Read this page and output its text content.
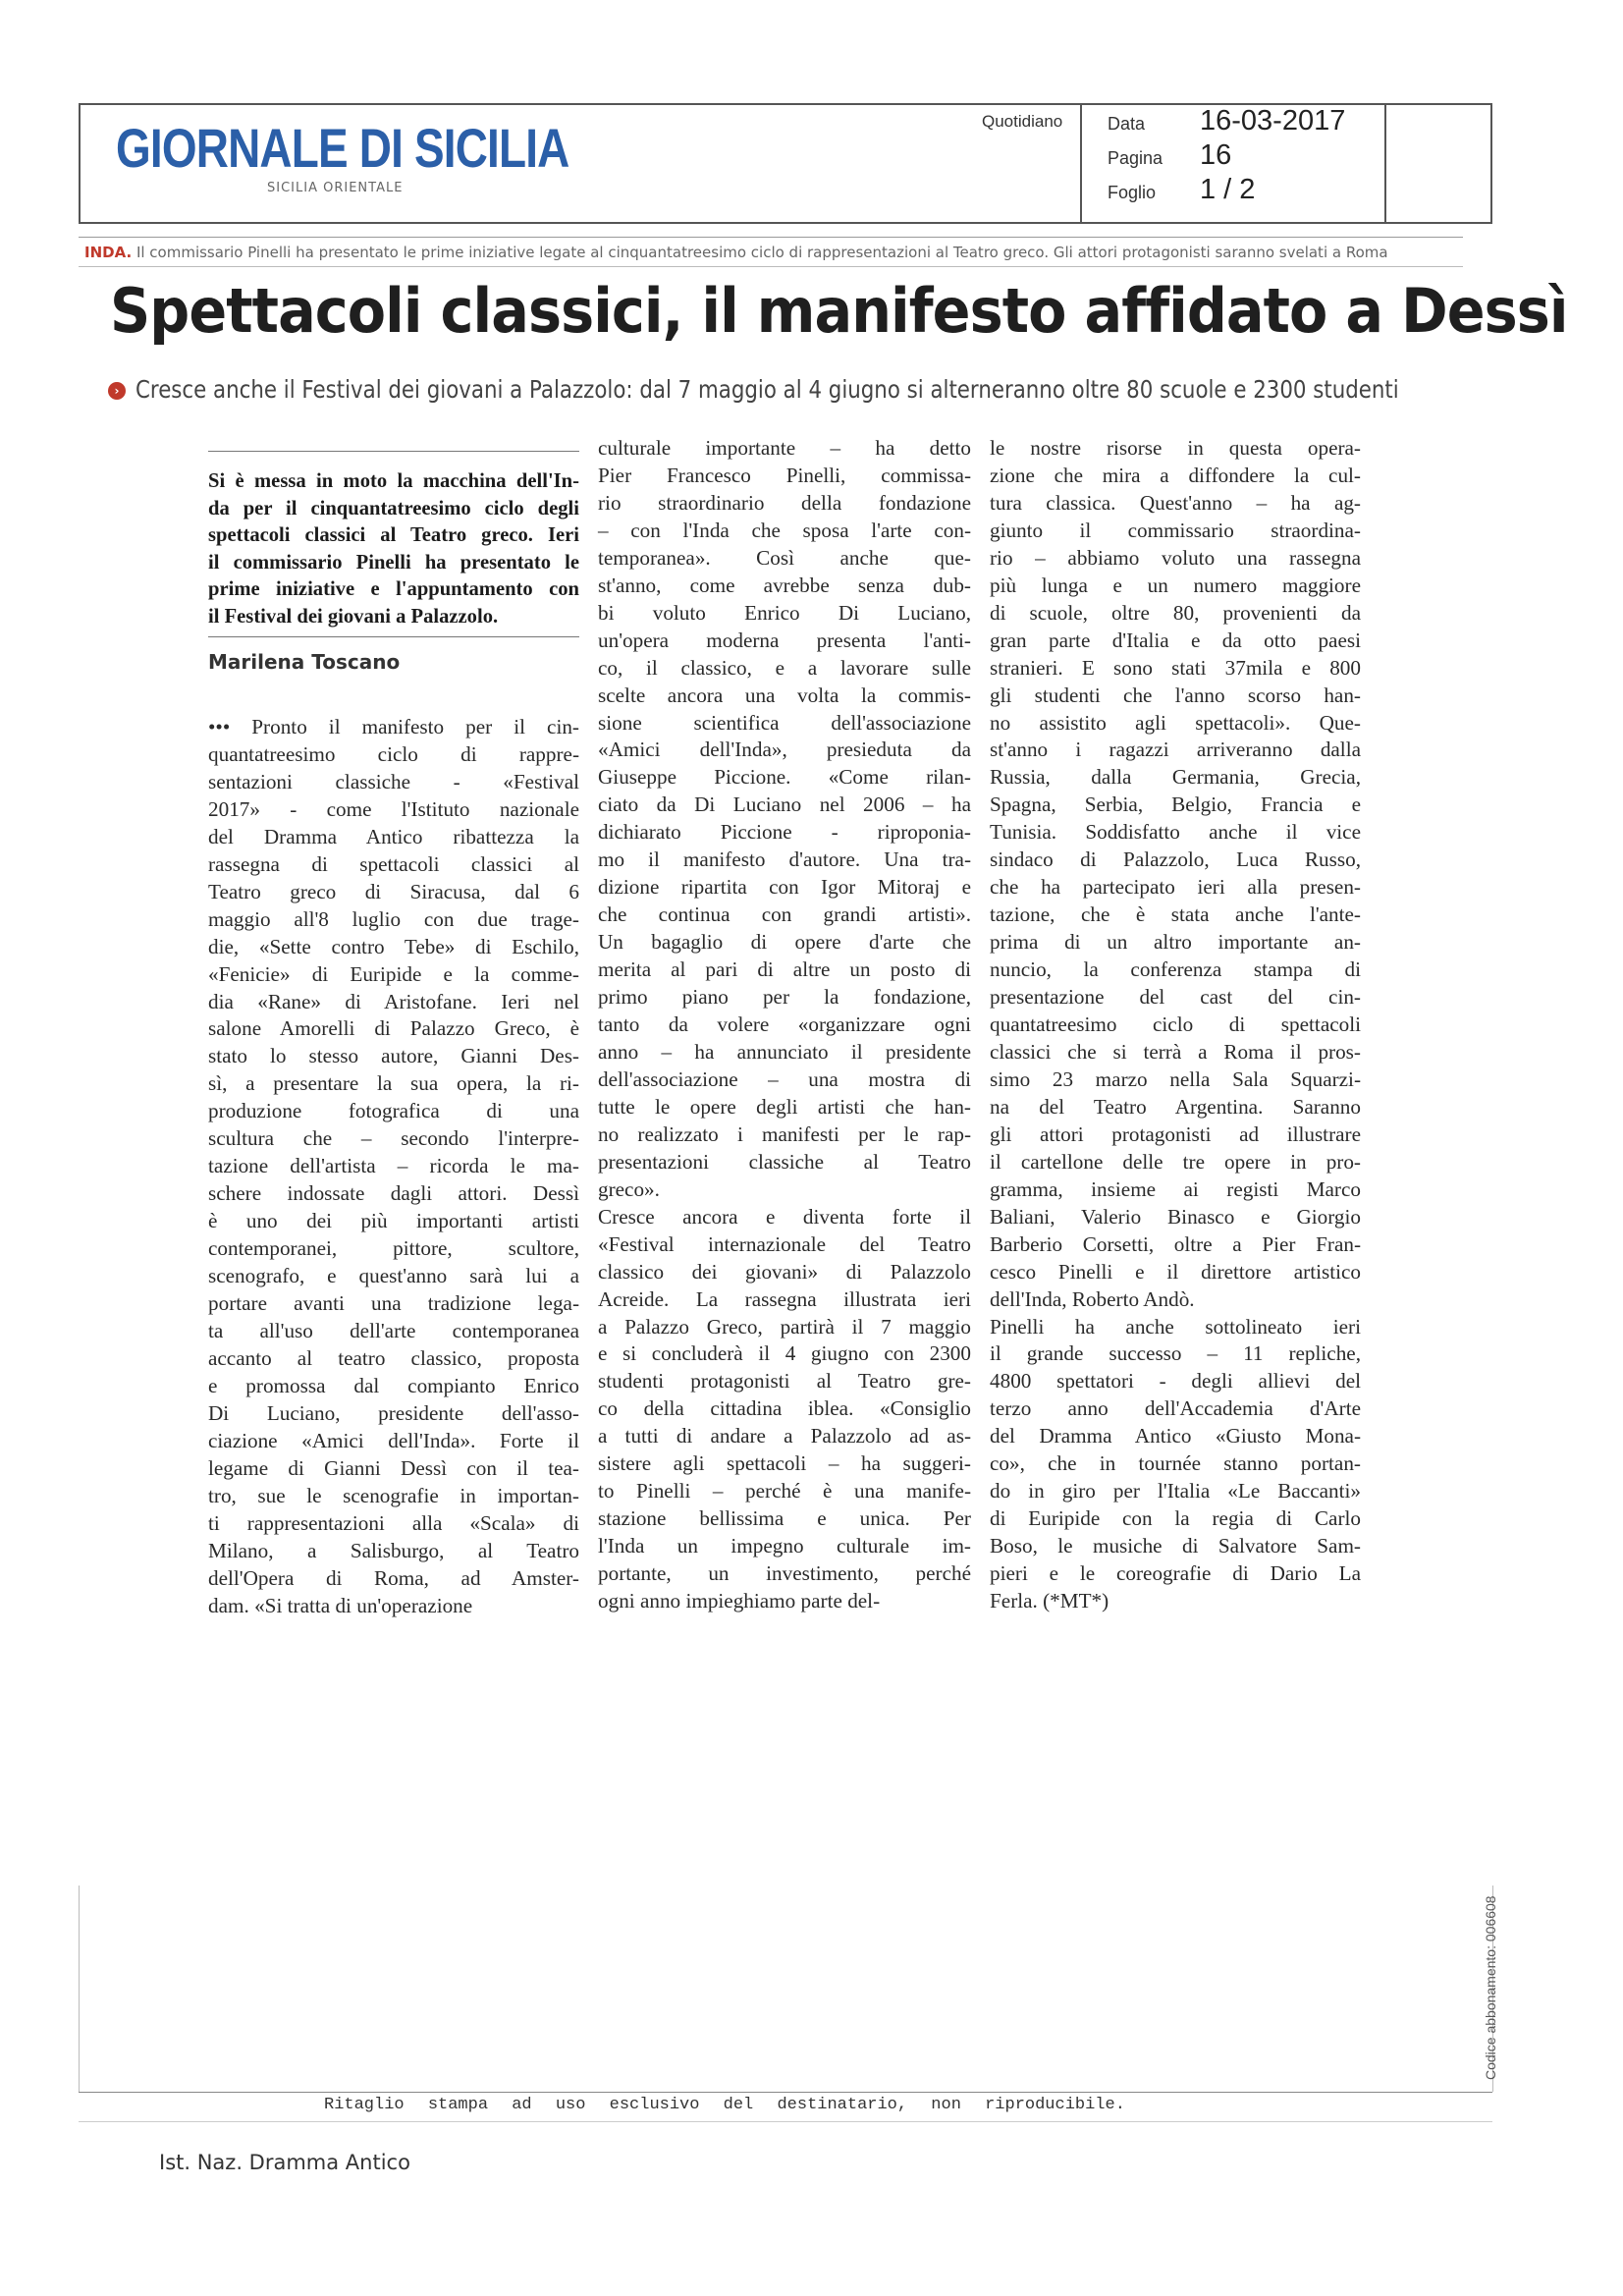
GIORNALE DI SICILIA
SICILIA ORIENTALE
Quotidiano	Data 16-03-2017
Pagina 16
Foglio 1 / 2
INDA. Il commissario Pinelli ha presentato le prime iniziative legate al cinquantatreesimo ciclo di rappresentazioni al Teatro greco. Gli attori protagonisti saranno svelati a Roma
Spettacoli classici, il manifesto affidato a Dessì
› Cresce anche il Festival dei giovani a Palazzolo: dal 7 maggio al 4 giugno si alterneranno oltre 80 scuole e 2300 studenti

Si è messa in moto la macchina dell'In-

da per il cinquantatreesimo ciclo degli

spettacoli classici al Teatro greco. Ieri

il commissario Pinelli ha presentato le

prime iniziative e l'appuntamento con

il Festival dei giovani a Palazzolo.

Marilena Toscano

••• Pronto il manifesto per il cin-

quantatreesimo ciclo di rappre-

sentazioni classiche - «Festival

2017» - come l'Istituto nazionale

del Dramma Antico ribattezza la

rassegna di spettacoli classici al

Teatro greco di Siracusa, dal 6

maggio all'8 luglio con due trage-

die, «Sette contro Tebe» di Eschilo,

«Fenicie» di Euripide e la comme-

dia «Rane» di Aristofane. Ieri nel

salone Amorelli di Palazzo Greco, è

stato lo stesso autore, Gianni Des-

sì, a presentare la sua opera, la ri-

produzione fotografica di una

scultura che – secondo l'interpre-

tazione dell'artista – ricorda le ma-

schere indossate dagli attori. Dessì

è uno dei più importanti artisti

contemporanei, pittore, scultore,

scenografo, e quest'anno sarà lui a

portare avanti una tradizione lega-

ta all'uso dell'arte contemporanea

accanto al teatro classico, proposta

e promossa dal compianto Enrico

Di Luciano, presidente dell'asso-

ciazione «Amici dell'Inda». Forte il

legame di Gianni Dessì con il tea-

tro, sue le scenografie in importan-

ti rappresentazioni alla «Scala» di

Milano, a Salisburgo, al Teatro

dell'Opera di Roma, ad Amster-

dam. «Si tratta di un'operazione

culturale importante – ha detto

Pier Francesco Pinelli, commissa-

rio straordinario della fondazione

– con l'Inda che sposa l'arte con-

temporanea». Così anche que-

st'anno, come avrebbe senza dub-

bi voluto Enrico Di Luciano,

un'opera moderna presenta l'anti-

co, il classico, e a lavorare sulle

scelte ancora una volta la commis-

sione scientifica dell'associazione

«Amici dell'Inda», presieduta da

Giuseppe Piccione. «Come rilan-

ciato da Di Luciano nel 2006 – ha

dichiarato Piccione - riproponia-

mo il manifesto d'autore. Una tra-

dizione ripartita con Igor Mitoraj e

che continua con grandi artisti».

Un bagaglio di opere d'arte che

merita al pari di altre un posto di

primo piano per la fondazione,

tanto da volere «organizzare ogni

anno – ha annunciato il presidente

dell'associazione – una mostra di

tutte le opere degli artisti che han-

no realizzato i manifesti per le rap-

presentazioni classiche al Teatro

greco».

Cresce ancora e diventa forte il

«Festival internazionale del Teatro

classico dei giovani» di Palazzolo

Acreide. La rassegna illustrata ieri

a Palazzo Greco, partirà il 7 maggio

e si concluderà il 4 giugno con 2300

studenti protagonisti al Teatro gre-

co della cittadina iblea. «Consiglio

a tutti di andare a Palazzolo ad as-

sistere agli spettacoli – ha suggeri-

to Pinelli – perché è una manife-

stazione bellissima e unica. Per

l'Inda un impegno culturale im-

portante, un investimento, perché

ogni anno impieghiamo parte del-

le nostre risorse in questa opera-

zione che mira a diffondere la cul-

tura classica. Quest'anno – ha ag-

giunto il commissario straordina-

rio – abbiamo voluto una rassegna

più lunga e un numero maggiore

di scuole, oltre 80, provenienti da

gran parte d'Italia e da otto paesi

stranieri. E sono stati 37mila e 800

gli studenti che l'anno scorso han-

no assistito agli spettacoli». Que-

st'anno i ragazzi arriveranno dalla

Russia, dalla Germania, Grecia,

Spagna, Serbia, Belgio, Francia e

Tunisia. Soddisfatto anche il vice

sindaco di Palazzolo, Luca Russo,

che ha partecipato ieri alla presen-

tazione, che è stata anche l'ante-

prima di un altro importante an-

nuncio, la conferenza stampa di

presentazione del cast del cin-

quantatreesimo ciclo di spettacoli

classici che si terrà a Roma il pros-

simo 23 marzo nella Sala Squarzi-

na del Teatro Argentina. Saranno

gli attori protagonisti ad illustrare

il cartellone delle tre opere in pro-

gramma, insieme ai registi Marco

Baliani, Valerio Binasco e Giorgio

Barberio Corsetti, oltre a Pier Fran-

cesco Pinelli e il direttore artistico

dell'Inda, Roberto Andò.

Pinelli ha anche sottolineato ieri

il grande successo – 11 repliche,

4800 spettatori - degli allievi del

terzo anno dell'Accademia d'Arte

del Dramma Antico «Giusto Mona-

co», che in tournée stanno portan-

do in giro per l'Italia «Le Baccanti»

di Euripide con la regia di Carlo

Boso, le musiche di Salvatore Sam-

pieri e le coreografie di Dario La

Ferla. (*MT*)

Ritaglio stampa ad uso esclusivo del destinatario, non riproducibile.
Codice abbonamento: 006608
Ist. Naz. Dramma Antico
